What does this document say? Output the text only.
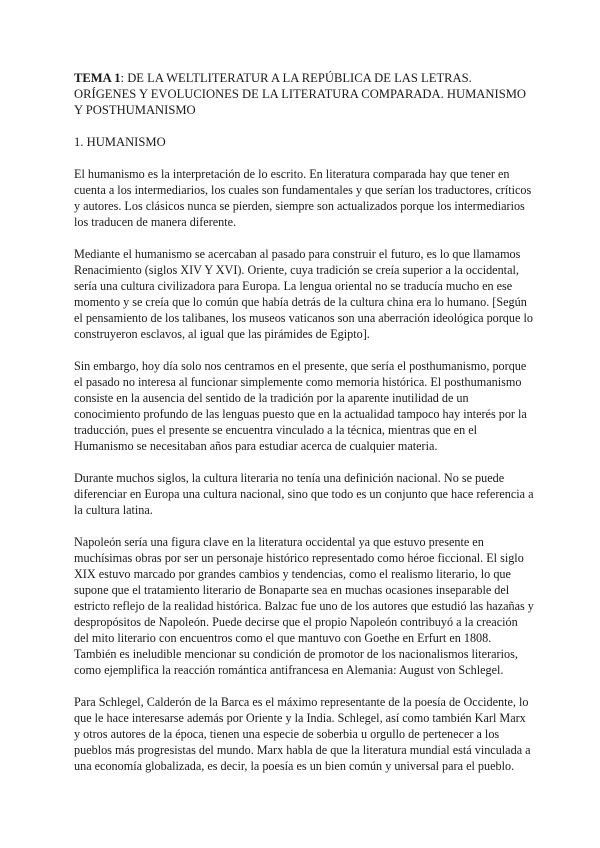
TEMA 1: DE LA WELTLITERATUR A LA REPÚBLICA DE LAS LETRAS. ORÍGENES Y EVOLUCIONES DE LA LITERATURA COMPARADA. HUMANISMO Y POSTHUMANISMO

1. HUMANISMO

El humanismo es la interpretación de lo escrito. En literatura comparada hay que tener en cuenta a los intermediarios, los cuales son fundamentales y que serían los traductores, críticos y autores. Los clásicos nunca se pierden, siempre son actualizados porque los intermediarios los traducen de manera diferente.

Mediante el humanismo se acercaban al pasado para construir el futuro, es lo que llamamos Renacimiento (siglos XIV Y XVI). Oriente, cuya tradición se creía superior a la occidental, sería una cultura civilizadora para Europa. La lengua oriental no se traducía mucho en ese momento y se creía que lo común que había detrás de la cultura china era lo humano. [Según el pensamiento de los talibanes, los museos vaticanos son una aberración ideológica porque lo construyeron esclavos, al igual que las pirámides de Egipto].

Sin embargo, hoy día solo nos centramos en el presente, que sería el posthumanismo, porque el pasado no interesa al funcionar simplemente como memoria histórica. El posthumanismo consiste en la ausencia del sentido de la tradición por la aparente inutilidad de un conocimiento profundo de las lenguas puesto que en la actualidad tampoco hay interés por la traducción, pues el presente se encuentra vinculado a la técnica, mientras que en el Humanismo se necesitaban años para estudiar acerca de cualquier materia.

Durante muchos siglos, la cultura literaria no tenía una definición nacional. No se puede diferenciar en Europa una cultura nacional, sino que todo es un conjunto que hace referencia a la cultura latina.

Napoleón sería una figura clave en la literatura occidental ya que estuvo presente en muchísimas obras por ser un personaje histórico representado como héroe ficcional. El siglo XIX estuvo marcado por grandes cambios y tendencias, como el realismo literario, lo que supone que el tratamiento literario de Bonaparte sea en muchas ocasiones inseparable del estricto reflejo de la realidad histórica. Balzac fue uno de los autores que estudió las hazañas y despropósitos de Napoleón. Puede decirse que el propio Napoleón contribuyó a la creación del mito literario con encuentros como el que mantuvo con Goethe en Erfurt en 1808. También es ineludible mencionar su condición de promotor de los nacionalismos literarios, como ejemplifica la reacción romántica antifrancesa en Alemania: August von Schlegel.

Para Schlegel, Calderón de la Barca es el máximo representante de la poesía de Occidente, lo que le hace interesarse además por Oriente y la India. Schlegel, así como también Karl Marx y otros autores de la época, tienen una especie de soberbia u orgullo de pertenecer a los pueblos más progresistas del mundo. Marx habla de que la literatura mundial está vinculada a una economía globalizada, es decir, la poesía es un bien común y universal para el pueblo.
